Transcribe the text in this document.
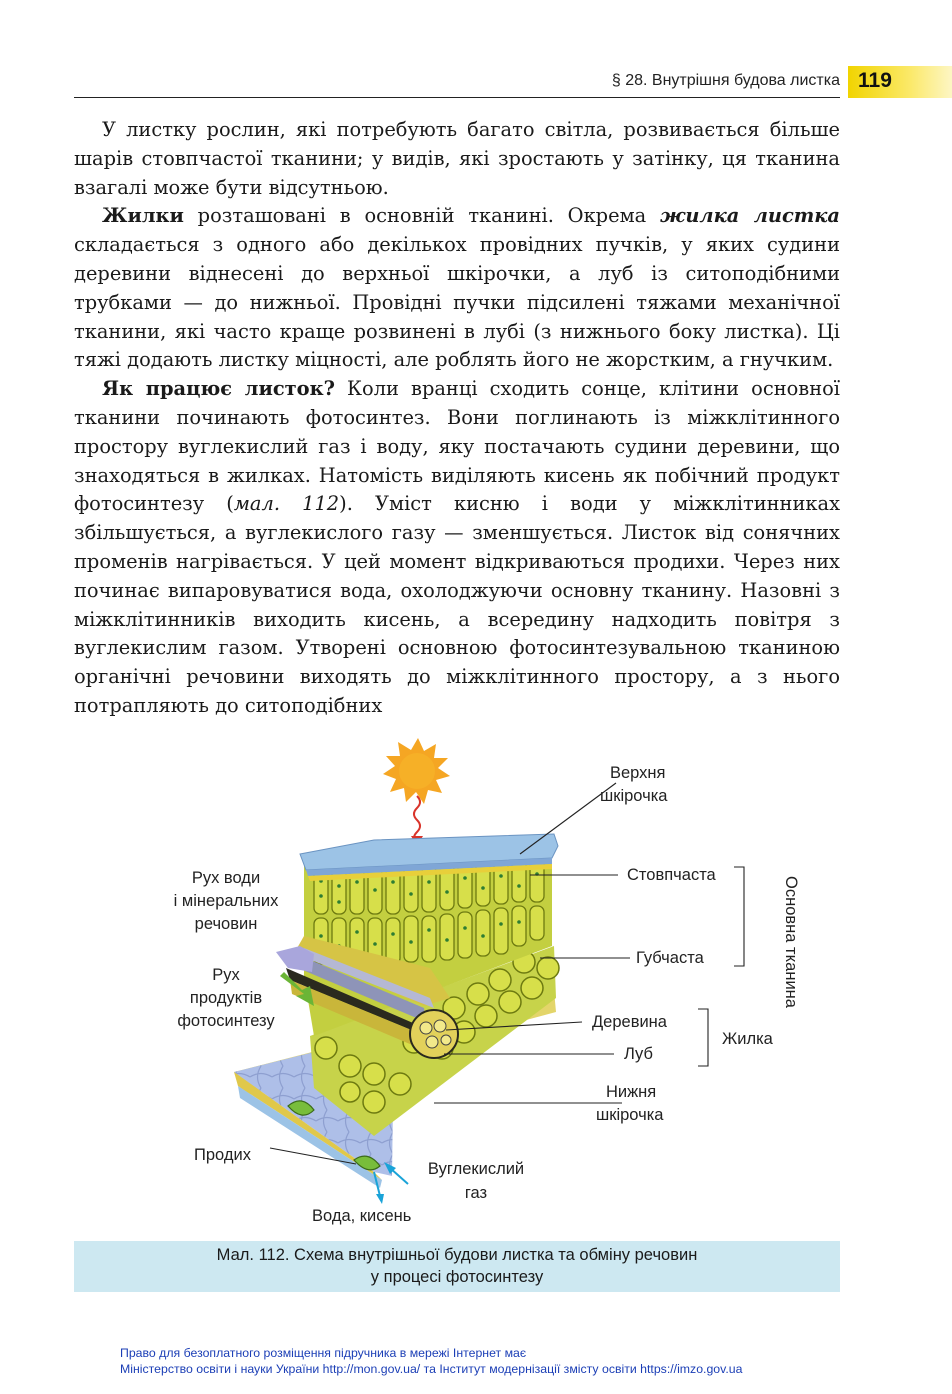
§ 28. Внутрішня будова листка 119

У листку рослин, які потребують багато світла, розвивається більше шарів стовпчастої тканини; у видів, які зростають у затінку, ця тканина взагалі може бути відсутньою.

Жилки розташовані в основній тканині. Окрема жилка листка складається з одного або декількох провідних пучків, у яких судини деревини віднесені до верхньої шкірочки, а луб із ситоподібними трубками — до нижньої. Провідні пучки підсилені тяжами механічної тканини, які часто краще розвинені в лубі (з нижнього боку листка). Ці тяжі додають листку міцності, але роблять його не жорстким, а гнучким.

Як працює листок? Коли вранці сходить сонце, клітини основної тканини починають фотосинтез. Вони поглинають із міжклітинного простору вуглекислий газ і воду, яку постачають судини деревини, що знаходяться в жилках. Натомість виділяють кисень як побічний продукт фотосинтезу (мал. 112). Уміст кисню і води у міжклітинниках збільшується, а вуглекислого газу — зменшується. Листок від сонячних променів нагрівається. У цей момент відкриваються продихи. Через них починає випаровуватися вода, охолоджуючи основну тканину. Назовні з міжклітинників виходить кисень, а всередину надходить повітря з вуглекислим газом. Утворені основною фотосинтезувальною тканиною органічні речовини виходять до міжклітинного простору, а з нього потрапляють до ситоподібних

Верхня
шкірочка
Стовпчаста
Губчаста	Основна тканина
Деревина
Луб
Жилка
Нижня
шкірочка
Рух води
і мінеральних
речовин
Рух
продуктів
фотосинтезу
Продих
Вуглекислий
газ
Вода, кисень
Мал. 112. Схема внутрішньої будови листка та обміну речовин
у процесі фотосинтезу
Право для безоплатного розміщення підручника в мережі Інтернет має
Міністерство освіти і науки України http://mon.gov.ua/ та Інститут модернізації змісту освіти https://imzo.gov.ua
